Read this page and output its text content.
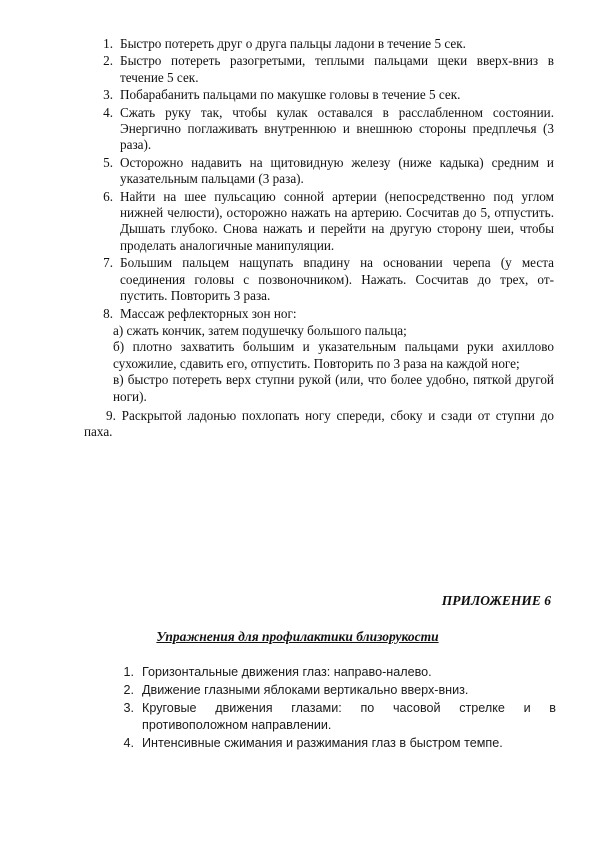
1. Быстро потереть друг о друга пальцы ладони в течение 5 сек.
2. Быстро потереть разогретыми, теплыми пальцами щеки вверх-вниз в течение 5 сек.
3. Побарабанить пальцами по макушке головы в течение 5 сек.
4. Сжать руку так, чтобы кулак оставался в расслабленном состоянии. Энергично поглаживать внутреннюю и внешнюю стороны предплечья (3 раза).
5. Осторожно надавить на щитовидную железу (ниже кадыка) средним и указательным пальцами (3 раза).
6. Найти на шее пульсацию сонной артерии (непосредственно под углом нижней челюсти), осторожно нажать на артерию. Сосчитав до 5, отпустить. Дышать глубоко. Снова нажать и перейти на другую сторону шеи, чтобы проделать аналогичные манипуляции.
7. Большим пальцем нащупать впадину на основании черепа (у места соединения головы с позвоночником). Нажать. Сосчитав до трех, от-пустить. Повторить 3 раза.
8. Массаж рефлекторных зон ног:
а) сжать кончик, затем подушечку большого пальца;
б) плотно захватить большим и указательным пальцами руки ахиллово сухожилие, сдавить его, отпустить. Повторить по 3 раза на каждой ноге;
в) быстро потереть верх ступни рукой (или, что более удобно, пяткой другой ноги).
9. Раскрытой ладонью похлопать ногу спереди, сбоку и сзади от ступни до паха.
ПРИЛОЖЕНИЕ 6
Упражнения для профилактики близорукости
1. Горизонтальные движения глаз: направо-налево.
2. Движение глазными яблоками вертикально вверх-вниз.
3. Круговые движения глазами: по часовой стрелке и в противоположном направлении.
4. Интенсивные сжимания и разжимания глаз в быстром темпе.
